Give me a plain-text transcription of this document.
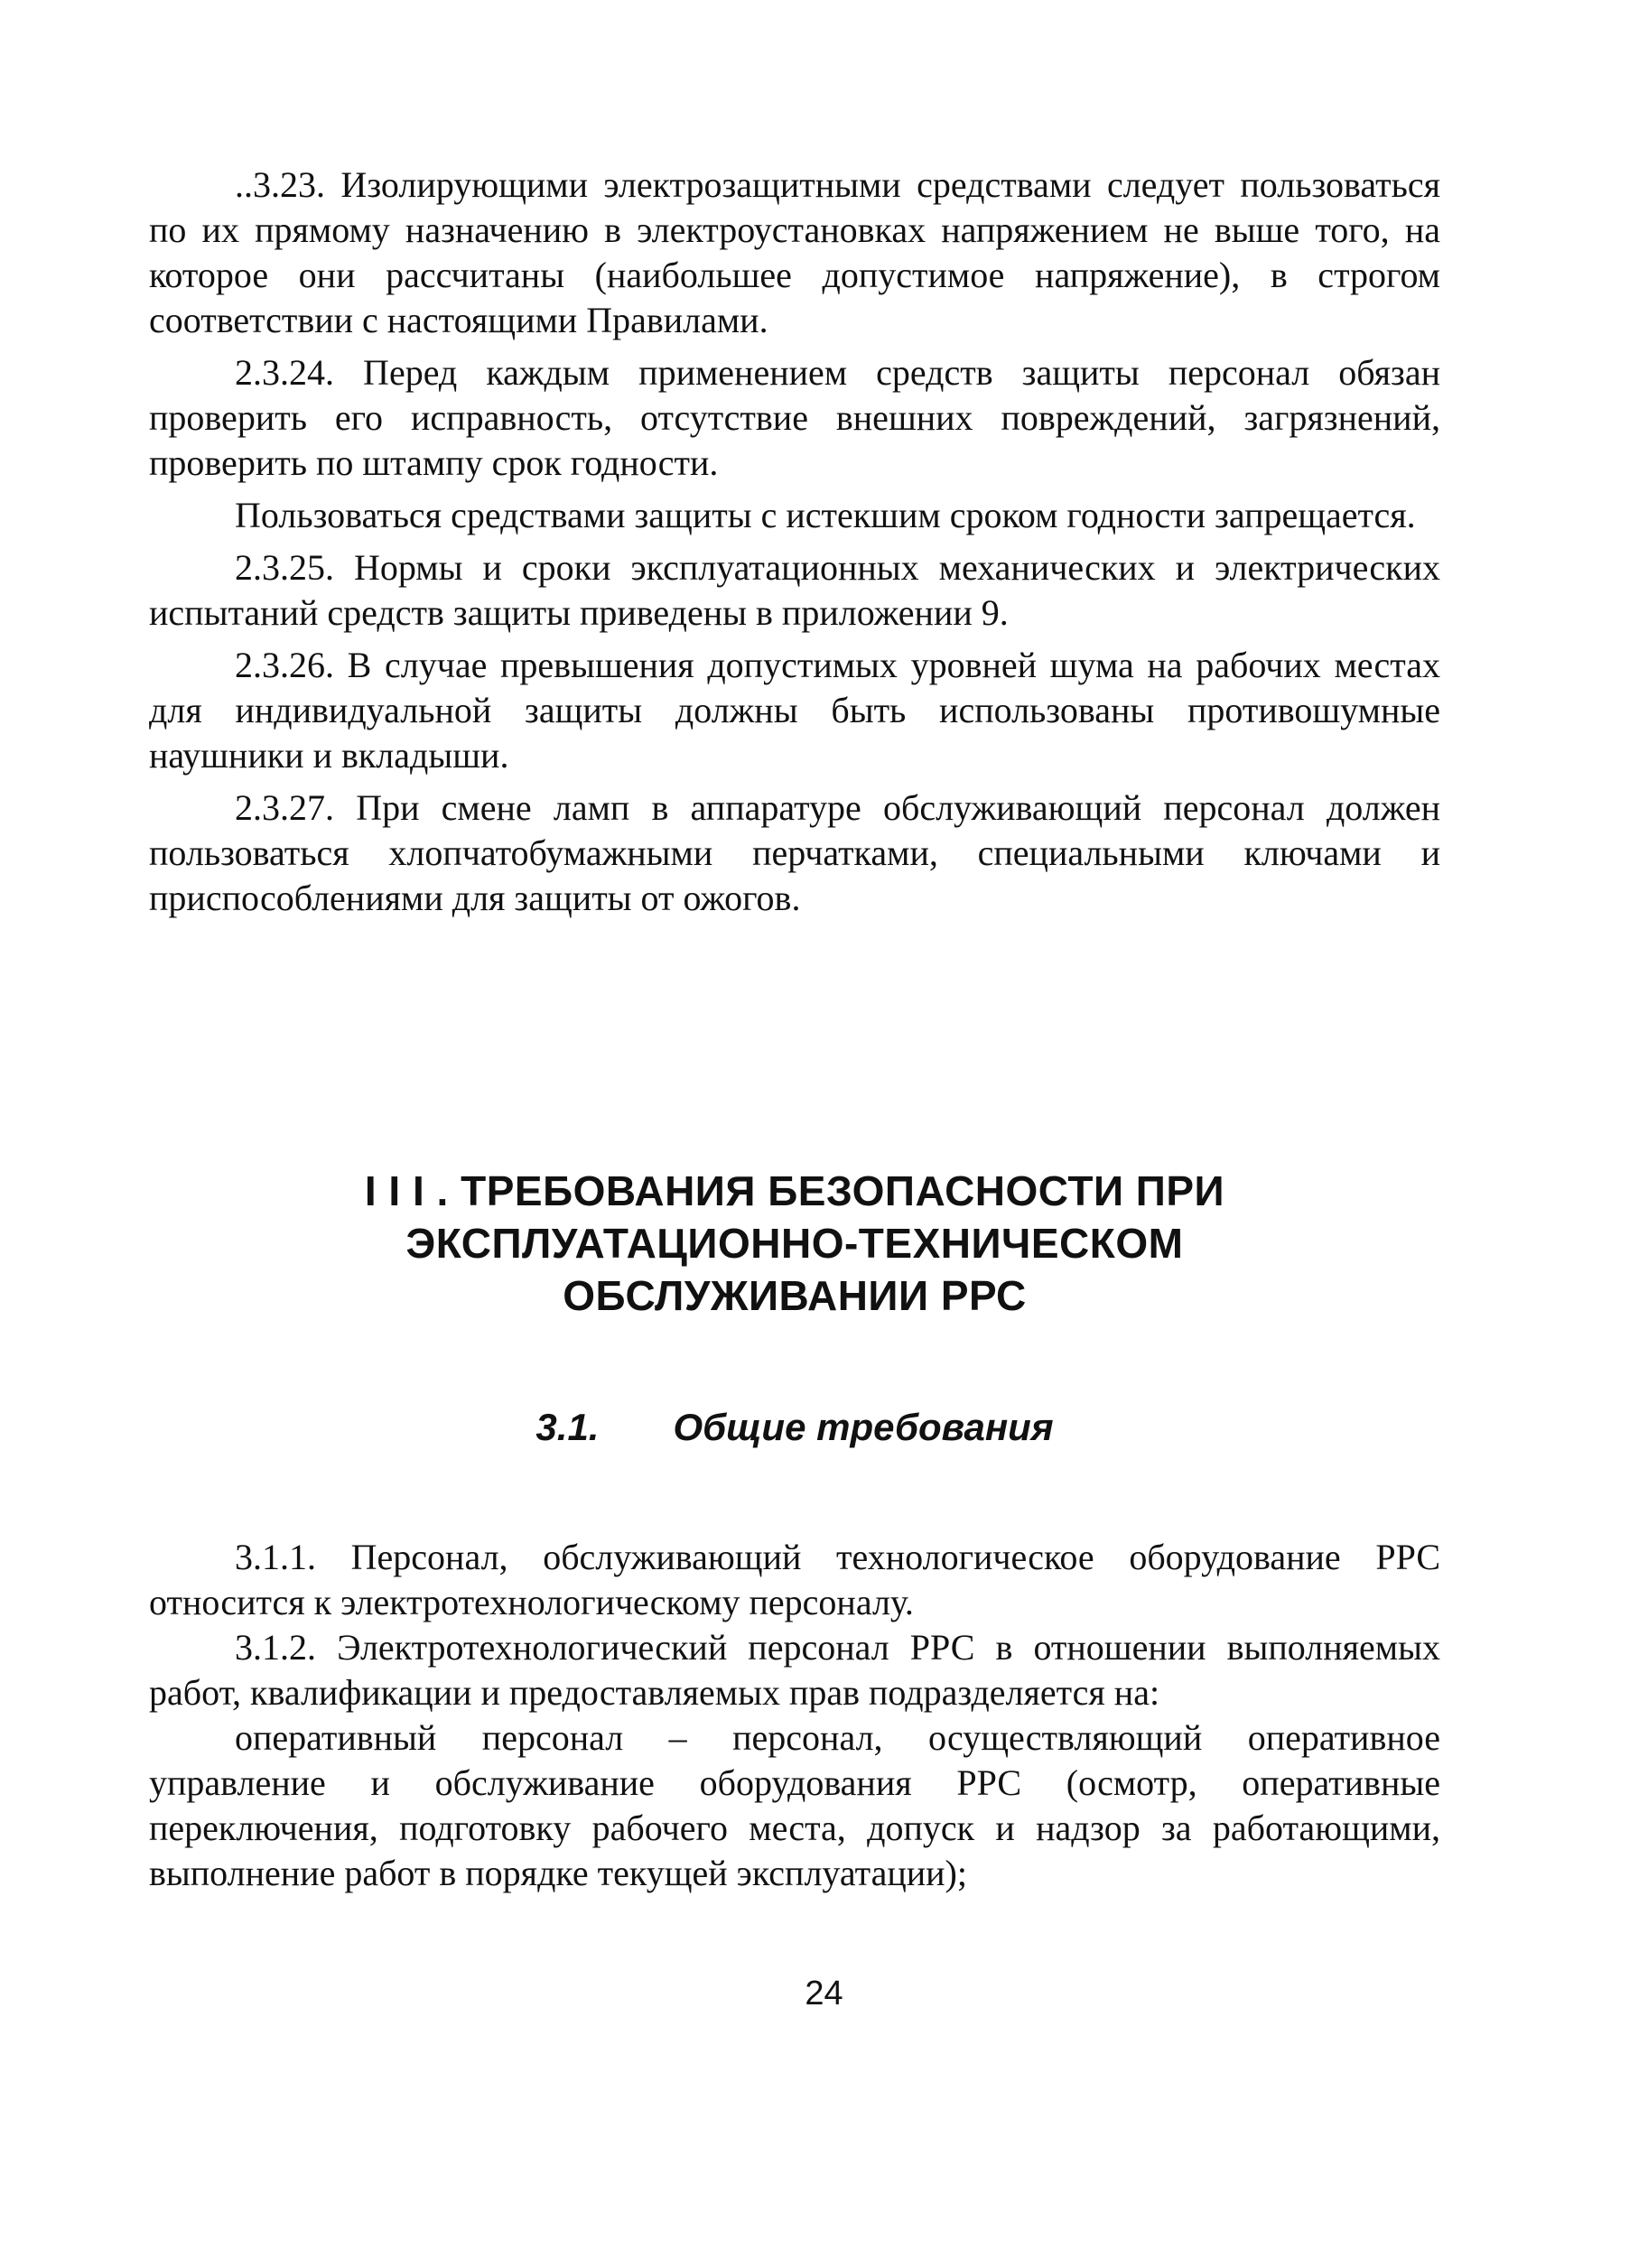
..3.23. Изолирующими электрозащитными средствами следует пользоваться по их прямому назначению в электроустановках напряжением не выше того, на которое они рассчитаны (наибольшее допустимое напряжение), в строгом соответствии с настоящими Правилами.

2.3.24. Перед каждым применением средств защиты персонал обязан проверить его исправность, отсутствие внешних повреждений, загрязнений, проверить по штампу срок годности.

Пользоваться средствами защиты с истекшим сроком годности запрещается.

2.3.25. Нормы и сроки эксплуатационных механических и электрических испытаний средств защиты приведены в приложении 9.

2.3.26. В случае превышения допустимых уровней шума на рабочих местах для индивидуальной защиты должны быть использованы противошумные наушники и вкладыши.

2.3.27. При смене ламп в аппаратуре обслуживающий персонал должен пользоваться хлопчатобумажными перчатками, специальными ключами и приспособлениями для защиты от ожогов.

I I I . ТРЕБОВАНИЯ БЕЗОПАСНОСТИ ПРИ
ЭКСПЛУАТАЦИОННО-ТЕХНИЧЕСКОМ
ОБСЛУЖИВАНИИ РРС
3.1. Общие требования

3.1.1. Персонал, обслуживающий технологическое оборудование РРС относится к электротехнологическому персоналу.

3.1.2. Электротехнологический персонал РРС в отношении выполняемых работ, квалификации и предоставляемых прав подразделяется на:

оперативный персонал – персонал, осуществляющий оперативное управление и обслуживание оборудования РРС (осмотр, оперативные переключения, подготовку рабочего места, допуск и надзор за работающими, выполнение работ в порядке текущей эксплуатации);

24
